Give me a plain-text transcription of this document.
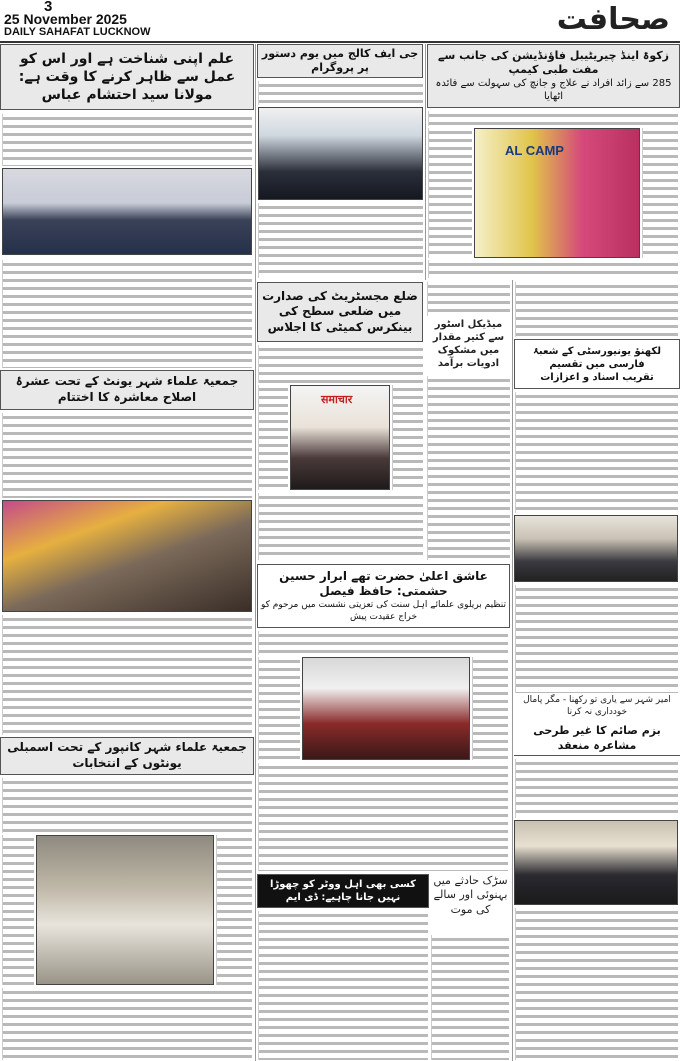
3
25 November 2025
DAILY SAHAFAT LUCKNOW	صحافت
علم اپنی شناخت ہے اور اس کو عمل سے ظاہر کرنے کا وقت ہے: مولانا سید احتشام عباس
جمعیۃ علماء شہر یونٹ کے تحت عشرۂ اصلاح معاشرہ کا اختتام
جمعیۃ علماء شہر کانپور کے تحت اسمبلی یونٹوں کے انتخابات
جی ایف کالج میں یوم دستور پر پروگرام
زکوۃ اینڈ چیریٹیبل فاؤنڈیشن کی جانب سے مفت طبی کیمپ
285 سے زائد افراد نے علاج و جانچ کی سہولت سے فائدہ اٹھایا
AL CAMP
ضلع مجسٹریٹ کی صدارت میں ضلعی سطح کی بینکرس کمیٹی کا اجلاس	میڈیکل اسٹور سے کثیر مقدار میں مشکوک ادویات برآمد
समाचार
عاشق اعلیٰ حضرت تھے ابرار حسین حشمتی: حافظ فیصل
تنظیم بریلوی علمائے اہل سنت کی تعزیتی نشست میں مرحوم کو خراج عقیدت پیش
کسی بھی اہل ووٹر کو چھوڑا نہیں جانا چاہیے: ڈی ایم
سڑک حادثے میں بہنوئی اور سالے کی موت
لکھنؤ یونیورسٹی کے شعبۂ فارسی میں تقسیم
تقریب اسناد و اعزازات
امیر شہر سے یاری تو رکھنا - مگر پامال خودداری نہ کرنا
بزم صائم کا غیر طرحی مشاعرہ منعقد
